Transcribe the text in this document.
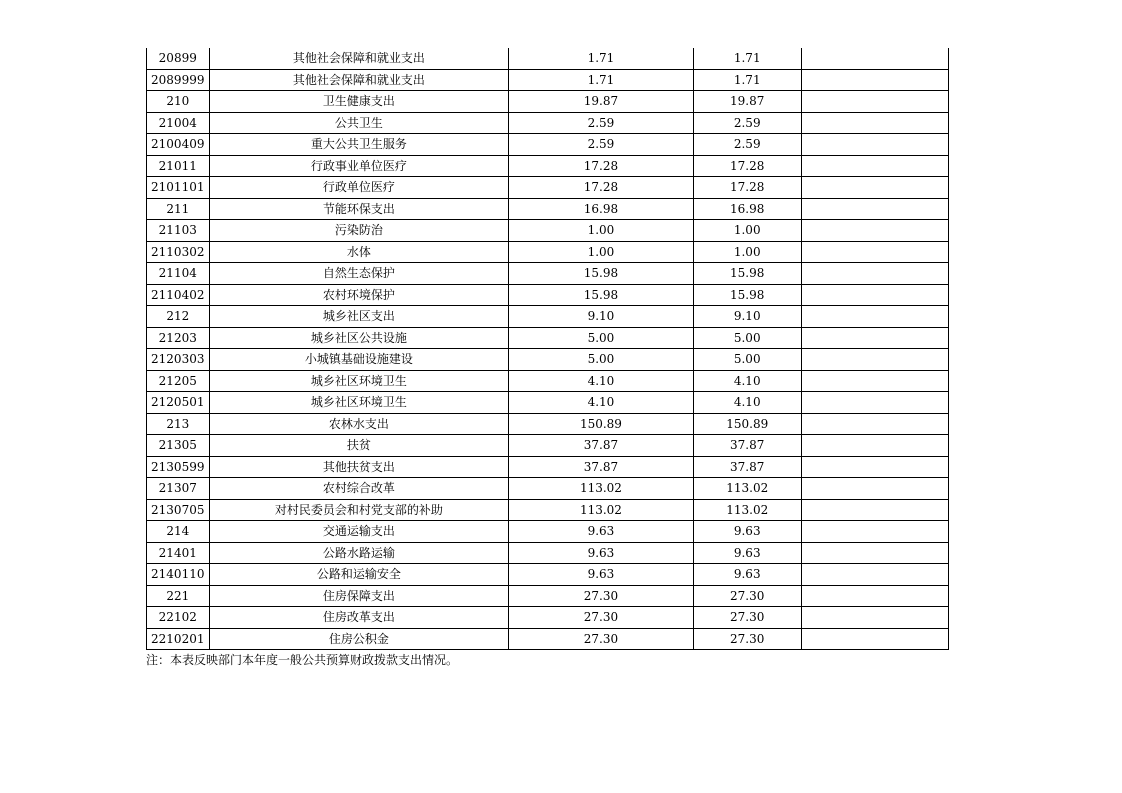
20899	其他社会保障和就业支出	1.71	1.71	
2089999	其他社会保障和就业支出	1.71	1.71	
210	卫生健康支出	19.87	19.87	
21004	公共卫生	2.59	2.59	
2100409	重大公共卫生服务	2.59	2.59	
21011	行政事业单位医疗	17.28	17.28	
2101101	行政单位医疗	17.28	17.28	
211	节能环保支出	16.98	16.98	
21103	污染防治	1.00	1.00	
2110302	水体	1.00	1.00	
21104	自然生态保护	15.98	15.98	
2110402	农村环境保护	15.98	15.98	
212	城乡社区支出	9.10	9.10	
21203	城乡社区公共设施	5.00	5.00	
2120303	小城镇基础设施建设	5.00	5.00	
21205	城乡社区环境卫生	4.10	4.10	
2120501	城乡社区环境卫生	4.10	4.10	
213	农林水支出	150.89	150.89	
21305	扶贫	37.87	37.87	
2130599	其他扶贫支出	37.87	37.87	
21307	农村综合改革	113.02	113.02	
2130705	对村民委员会和村党支部的补助	113.02	113.02	
214	交通运输支出	9.63	9.63	
21401	公路水路运输	9.63	9.63	
2140110	公路和运输安全	9.63	9.63	
221	住房保障支出	27.30	27.30	
22102	住房改革支出	27.30	27.30	
2210201	住房公积金	27.30	27.30	
注：本表反映部门本年度一般公共预算财政拨款支出情况。
